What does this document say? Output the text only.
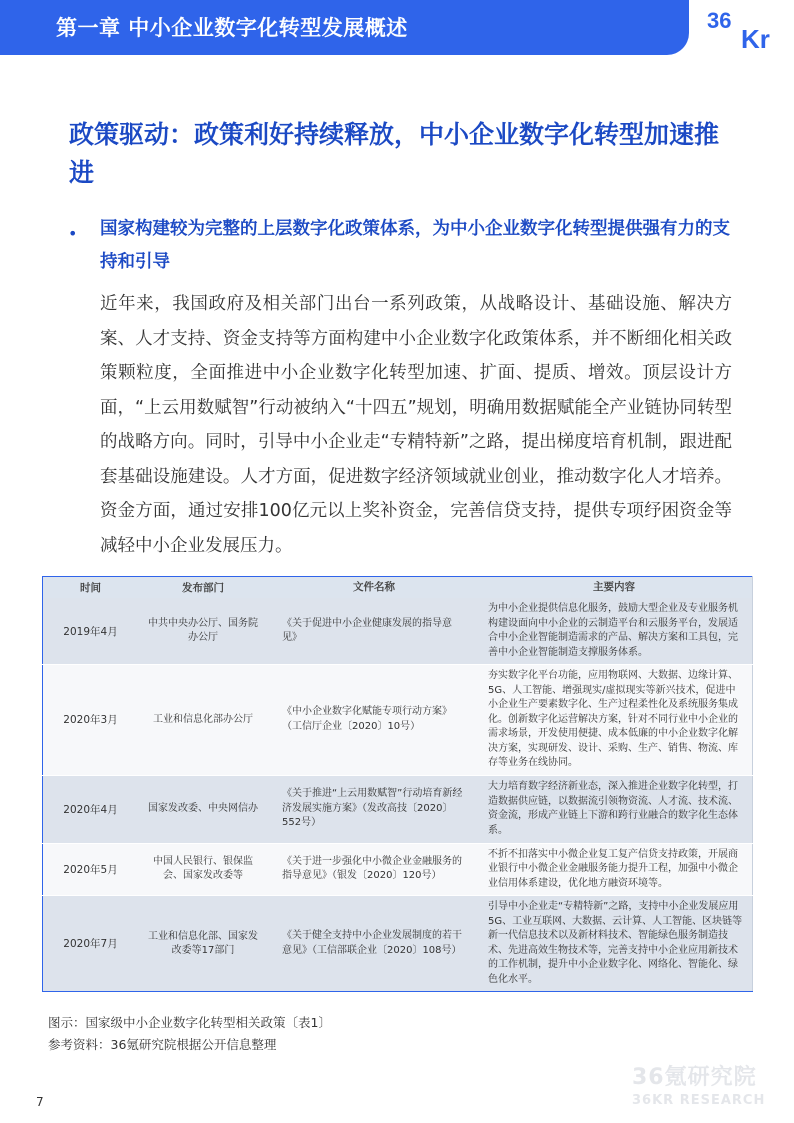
第一章 中小企业数字化转型发展概述	36
Kr
政策驱动：政策利好持续释放，中小企业数字化转型加速推进
• 国家构建较为完整的上层数字化政策体系，为中小企业数字化转型提供强有力的支持和引导
近年来，我国政府及相关部门出台一系列政策，从战略设计、基础设施、解决方案、人才支持、资金支持等方面构建中小企业数字化政策体系，并不断细化相关政策颗粒度，全面推进中小企业数字化转型加速、扩面、提质、增效。顶层设计方面，“上云用数赋智”行动被纳入“十四五”规划，明确用数据赋能全产业链协同转型的战略方向。同时，引导中小企业走“专精特新”之路，提出梯度培育机制，跟进配套基础设施建设。人才方面，促进数字经济领域就业创业，推动数字化人才培养。资金方面，通过安排100亿元以上奖补资金，完善信贷支持，提供专项纾困资金等减轻中小企业发展压力。
时间	发布部门	文件名称	主要内容
2019年4月	中共中央办公厅、国务院办公厅	《关于促进中小企业健康发展的指导意见》	为中小企业提供信息化服务，鼓励大型企业及专业服务机构建设面向中小企业的云制造平台和云服务平台，发展适合中小企业智能制造需求的产品、解决方案和工具包，完善中小企业智能制造支撑服务体系。
2020年3月	工业和信息化部办公厅	《中小企业数字化赋能专项行动方案》（工信厅企业〔2020〕10号）	夯实数字化平台功能，应用物联网、大数据、边缘计算、5G、人工智能、增强现实/虚拟现实等新兴技术，促进中小企业生产要素数字化、生产过程柔性化及系统服务集成化。创新数字化运营解决方案，针对不同行业中小企业的需求场景，开发使用便捷、成本低廉的中小企业数字化解决方案，实现研发、设计、采购、生产、销售、物流、库存等业务在线协同。
2020年4月	国家发改委、中央网信办	《关于推进“上云用数赋智”行动培育新经济发展实施方案》（发改高技〔2020〕552号）	大力培育数字经济新业态，深入推进企业数字化转型，打造数据供应链，以数据流引领物资流、人才流、技术流、资金流，形成产业链上下游和跨行业融合的数字化生态体系。
2020年5月	中国人民银行、银保监会、国家发改委等	《关于进一步强化中小微企业金融服务的指导意见》（银发〔2020〕120号）	不折不扣落实中小微企业复工复产信贷支持政策，开展商业银行中小微企业金融服务能力提升工程，加强中小微企业信用体系建设，优化地方融资环境等。
2020年7月	工业和信息化部、国家发改委等17部门	《关于健全支持中小企业发展制度的若干意见》（工信部联企业〔2020〕108号）	引导中小企业走“专精特新”之路，支持中小企业发展应用5G、工业互联网、大数据、云计算、人工智能、区块链等新一代信息技术以及新材料技术、智能绿色服务制造技术、先进高效生物技术等，完善支持中小企业应用新技术的工作机制，提升中小企业数字化、网络化、智能化、绿色化水平。
图示：国家级中小企业数字化转型相关政策〔表1〕
参考资料：36氪研究院根据公开信息整理
36氪研究院
36KR RESEARCH
7
